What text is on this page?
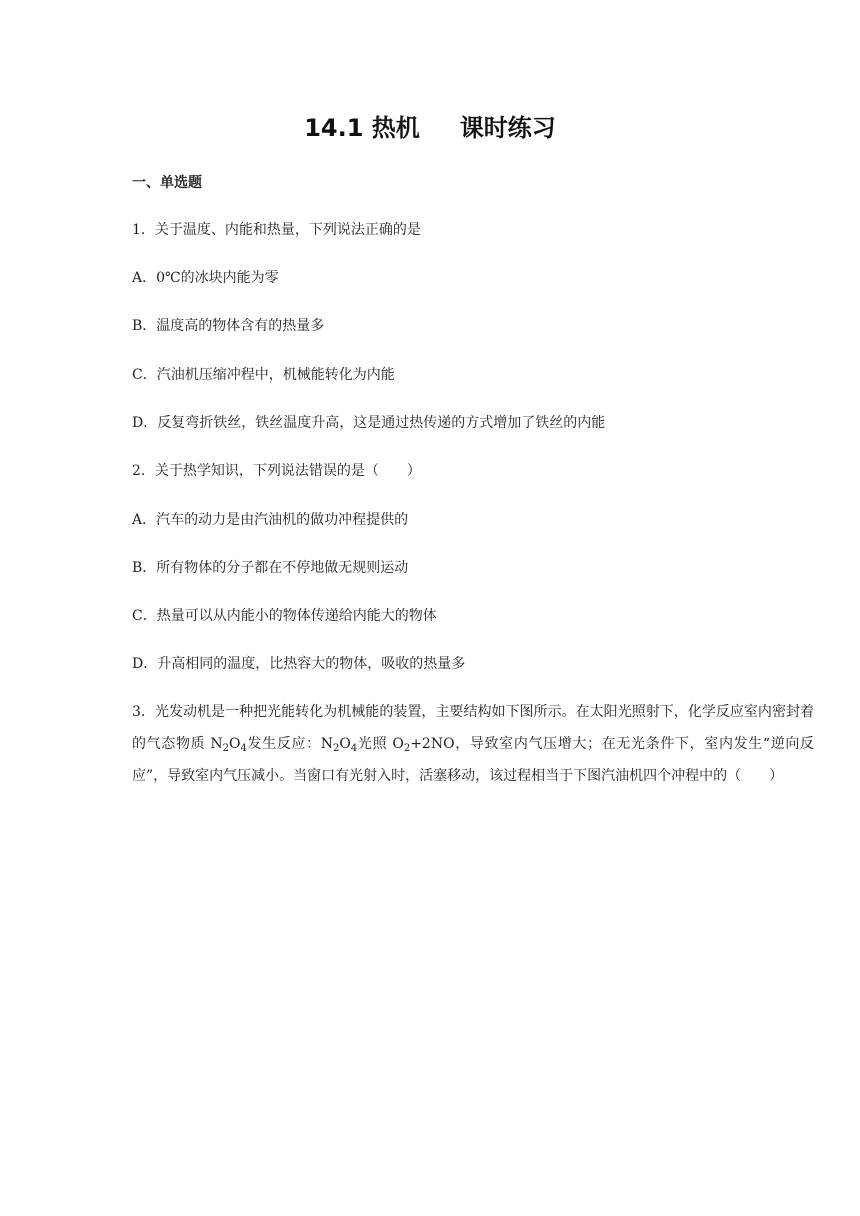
14.1 热机 课时练习
一、单选题
1．关于温度、内能和热量，下列说法正确的是
A．0℃的冰块内能为零
B．温度高的物体含有的热量多
C．汽油机压缩冲程中，机械能转化为内能
D．反复弯折铁丝，铁丝温度升高，这是通过热传递的方式增加了铁丝的内能
2．关于热学知识，下列说法错误的是（　　）
A．汽车的动力是由汽油机的做功冲程提供的
B．所有物体的分子都在不停地做无规则运动
C．热量可以从内能小的物体传递给内能大的物体
D．升高相同的温度，比热容大的物体，吸收的热量多
3．光发动机是一种把光能转化为机械能的装置，主要结构如下图所示。在太阳光照射下，化学反应室内密封着的气态物质 $N_2O_4$发生反应：$N_2O_4$光照 $O_2+2NO$，导致室内气压增大；在无光条件下，室内发生“逆向反应”，导致室内气压减小。当窗口有光射入时，活塞移动，该过程相当于下图汽油机四个冲程中的（　　）
